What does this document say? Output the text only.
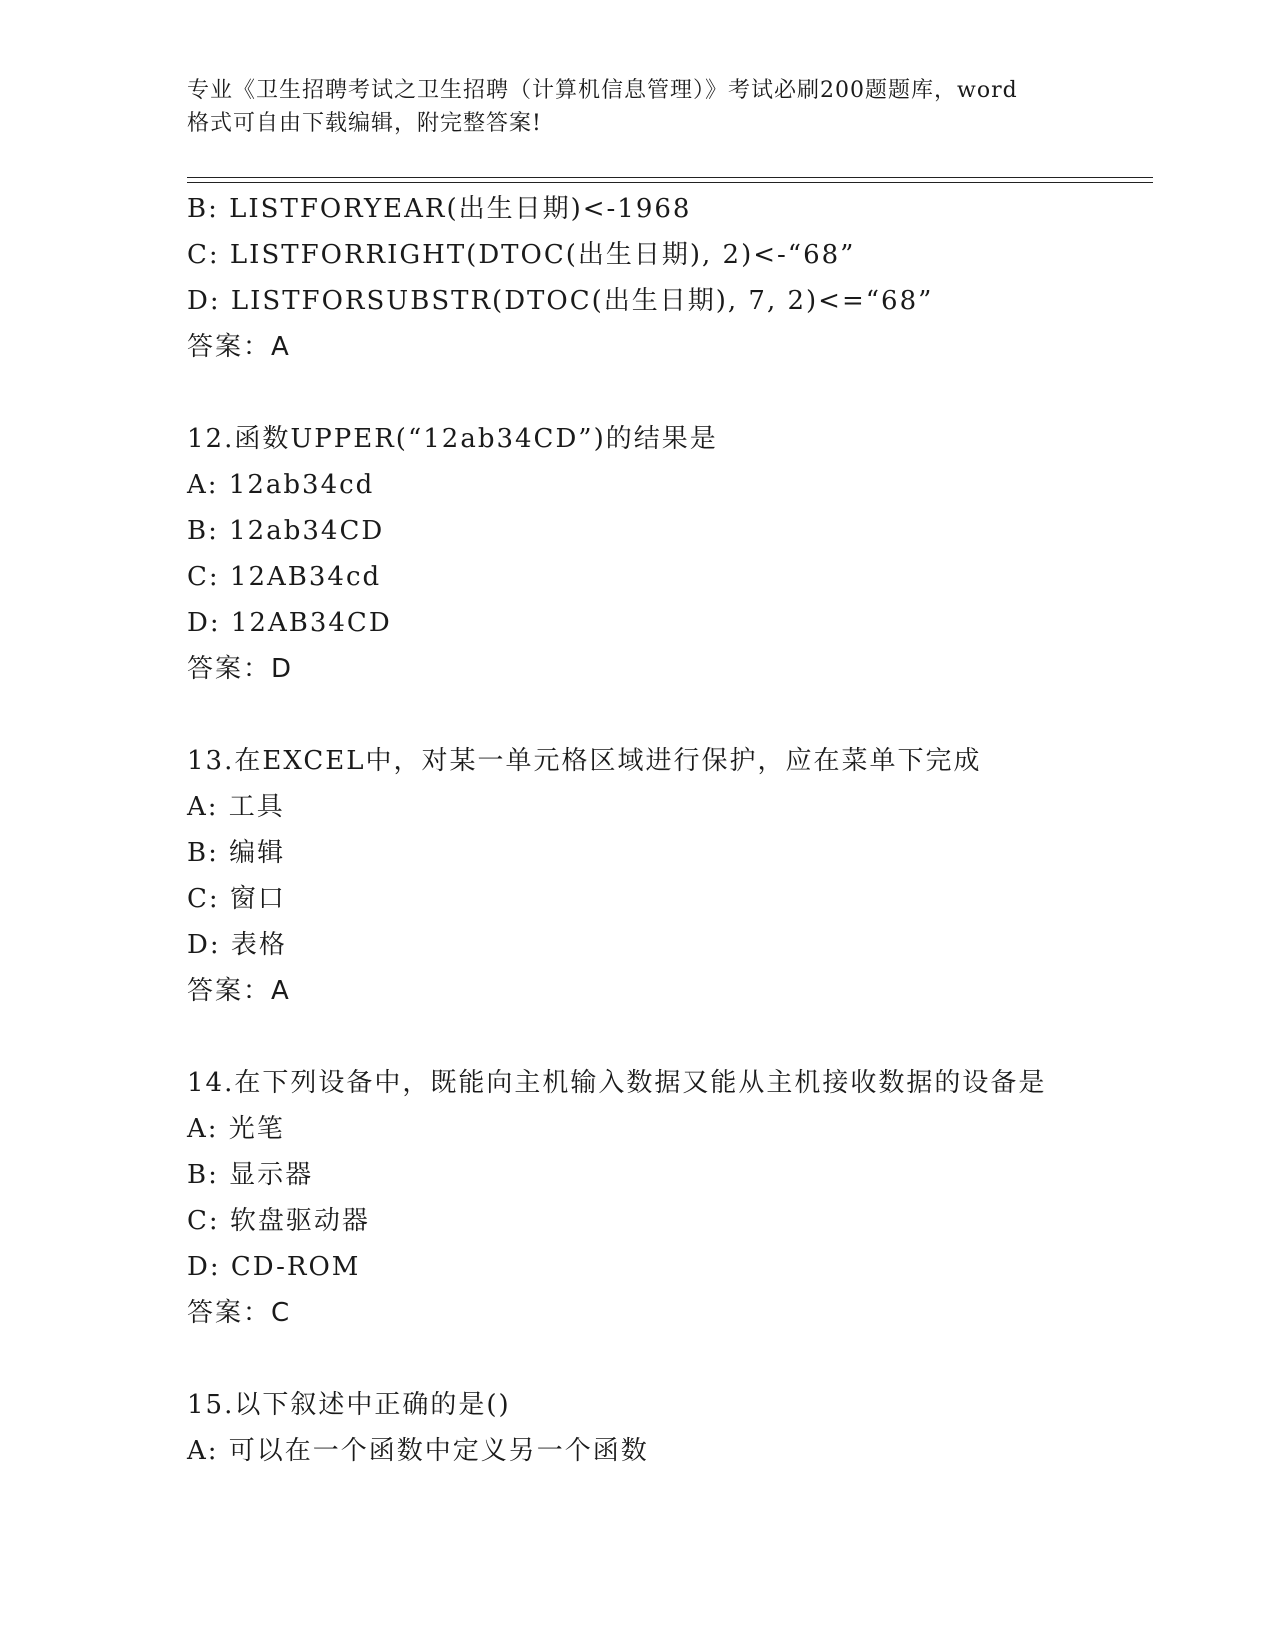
专业《卫生招聘考试之卫生招聘（计算机信息管理）》考试必刷200题题库，word
格式可自由下载编辑，附完整答案!
B: LISTFORYEAR(出生日期)<-1968
C: LISTFORRIGHT(DTOC(出生日期), 2)<-“68”
D: LISTFORSUBSTR(DTOC(出生日期), 7, 2)<=“68”
答案：A
12.函数UPPER(“12ab34CD”)的结果是
A: 12ab34cd
B: 12ab34CD
C: 12AB34cd
D: 12AB34CD
答案：D
13.在EXCEL中，对某一单元格区域进行保护，应在菜单下完成
A: 工具
B: 编辑
C: 窗口
D: 表格
答案：A
14.在下列设备中，既能向主机输入数据又能从主机接收数据的设备是
A: 光笔
B: 显示器
C: 软盘驱动器
D: CD-ROM
答案：C
15.以下叙述中正确的是()
A: 可以在一个函数中定义另一个函数
